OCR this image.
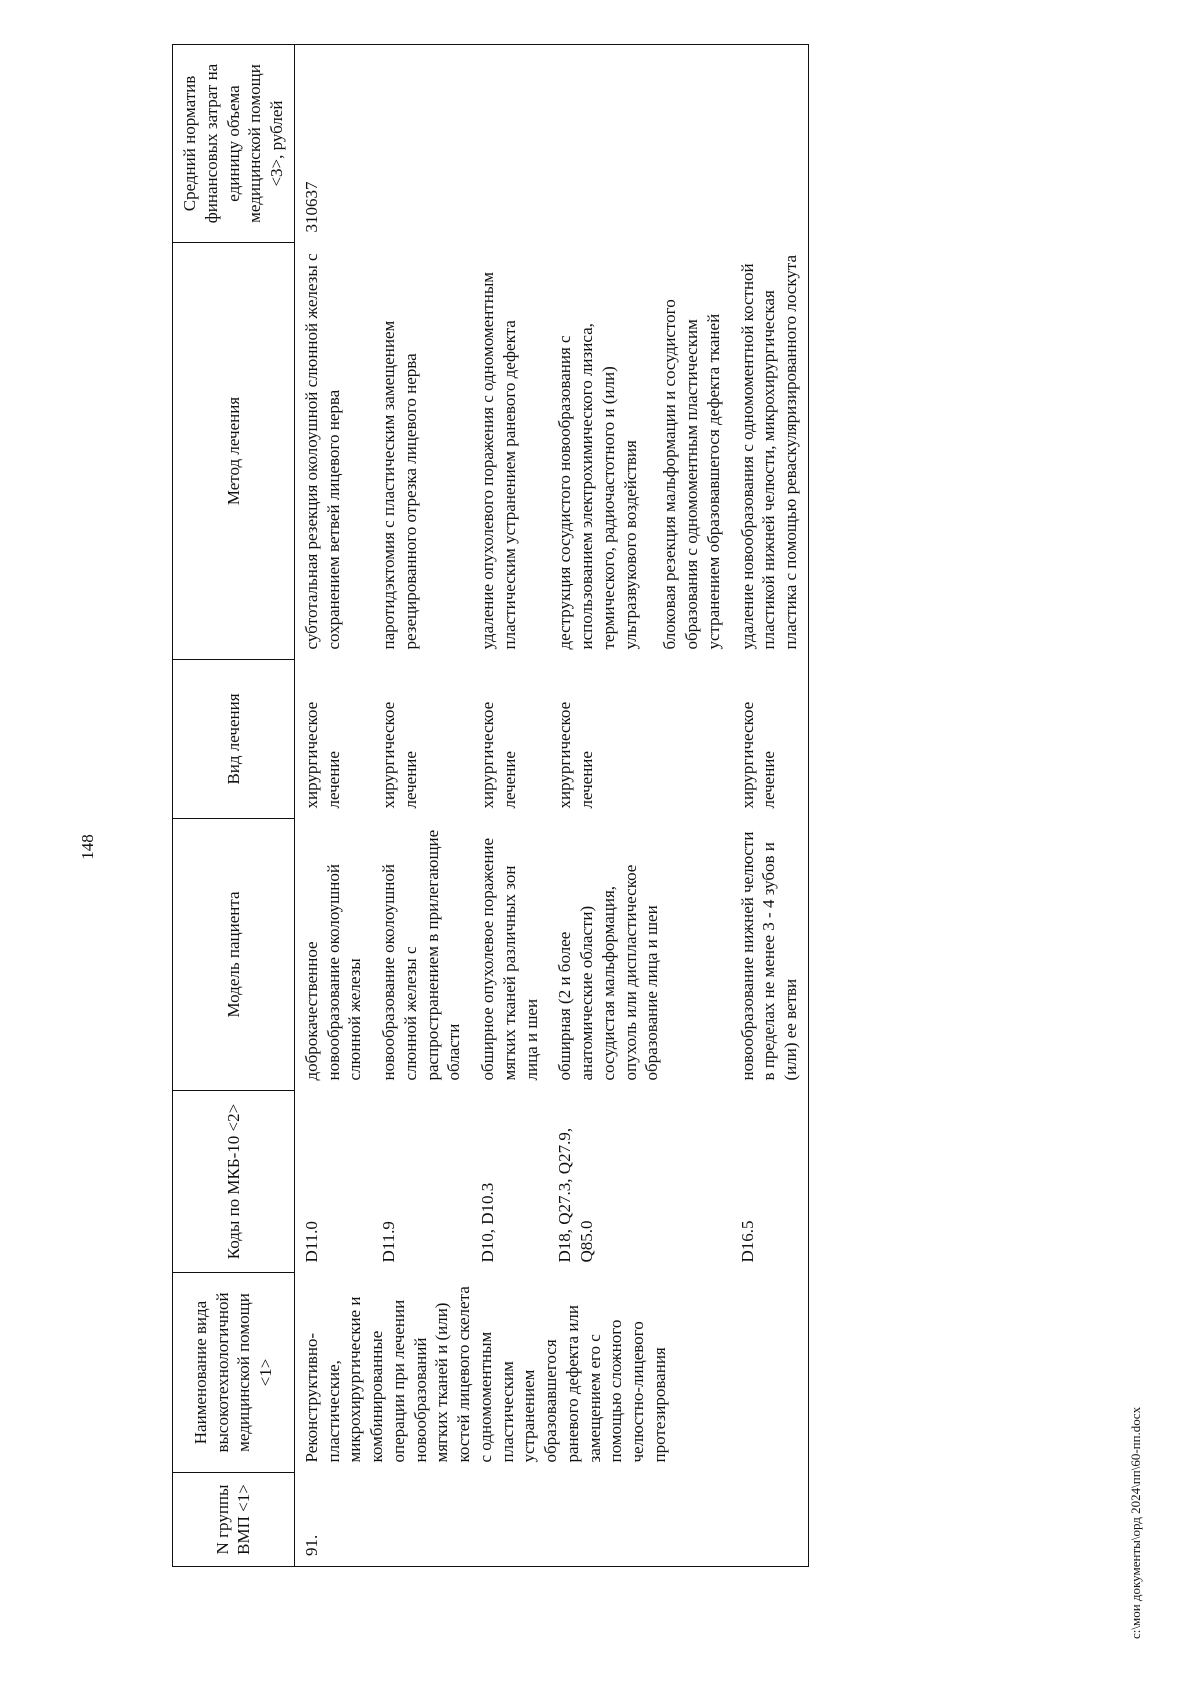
148
N группы ВМП <1>	Наименование вида высокотехнологичной медицинской помощи <1>	Коды по МКБ-10 <2>	Модель пациента	Вид лечения	Метод лечения	Средний норматив финансовых затрат на единицу объема медицинской помощи <3>, рублей
91.	Реконструктивно-пластические, микрохирургические и комбинированные операции при лечении новообразований мягких тканей и (или) костей лицевого скелета с одномоментным пластическим устранением образовавшегося раневого дефекта или замещением его с помощью сложного челюстно-лицевого протезирования	D11.0	доброкачественное новообразование околоушной слюнной железы	хирургическое лечение	субтотальная резекция околоушной слюнной железы с сохранением ветвей лицевого нерва	310637
		D11.9	новообразование околоушной слюнной железы с распространением в прилегающие области	хирургическое лечение	паротидэктомия с пластическим замещением резецированного отрезка лицевого нерва	
		D10, D10.3	обширное опухолевое поражение мягких тканей различных зон лица и шеи	хирургическое лечение	удаление опухолевого поражения с одномоментным пластическим устранением раневого дефекта	
		D18, Q27.3, Q27.9, Q85.0	обширная (2 и более анатомические области) сосудистая мальформация, опухоль или диспластическое образование лица и шеи	хирургическое лечение	деструкция сосудистого новообразования с использованием электрохимического лизиса, термического, радиочастотного и (или) ультразвукового воздействия блоковая резекция мальформации и сосудистого образования с одномоментным пластическим устранением образовавшегося дефекта тканей	

		D16.5	новообразование нижней челюсти в пределах не менее 3 - 4 зубов и (или) ее ветви	хирургическое лечение	удаление новообразования с одномоментной костной пластикой нижней челюсти, микрохирургическая пластика с помощью реваскуляризированного лоскута	
c:\мои документы\орд 2024\пп\60-пп.docx
